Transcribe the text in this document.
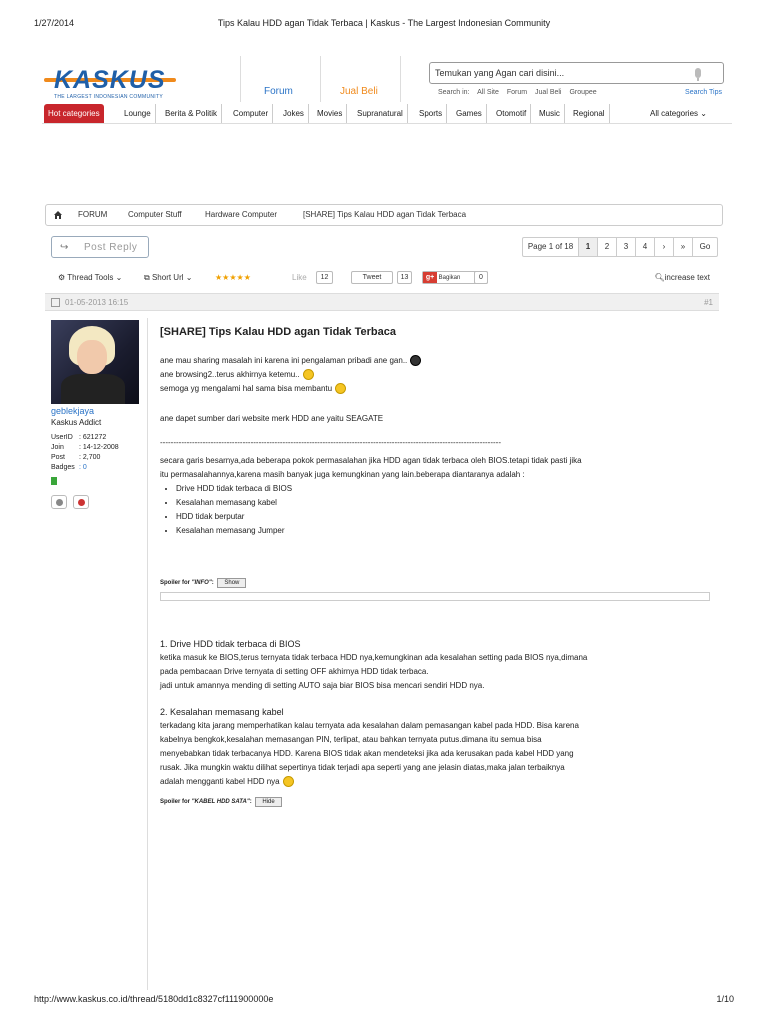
1/27/2014	Tips Kalau HDD agan Tidak Terbaca | Kaskus - The Largest Indonesian Community
KASKUS
THE LARGEST INDONESIAN COMMUNITY	Forum	Jual Beli
Temukan yang Agan cari disini...
Search in: All Site Forum Jual Beli Groupee	Search Tips
Hot categories	Lounge	Berita & Politik	Computer	Jokes	Movies	Supranatural	Sports	Games	Otomotif	Music	Regional	All categories ⌄
FORUM	Computer Stuff	Hardware Computer	[SHARE] Tips Kalau HDD agan Tidak Terbaca
↪ Post Reply	Page 1 of 18	1	2	3	4	›	»	Go
⚙ Thread Tools ⌄	⧉ Short Url ⌄	★★★★★	Like	12	Tweet	13	g+ Bagikan	0	🔍︎increase text
01-05-2013 16:15	#1
geblekjaya
Kaskus Addict
UserID : 621272
Join	: 14-12-2008
Post	: 2,700
Badges : 0
[SHARE] Tips Kalau HDD agan Tidak Terbaca

ane mau sharing masalah ini karena ini pengalaman pribadi ane gan..

ane browsing2..terus akhirnya ketemu..

semoga yg mengalami hal sama bisa membantu

ane dapet sumber dari website merk HDD ane yaitu SEAGATE

--------------------------------------------------------------------------------------------------------------------------------

secara garis besarnya,ada beberapa pokok permasalahan jika HDD agan tidak terbaca oleh BIOS.tetapi tidak pasti jika

itu permasalahannya,karena masih banyak juga kemungkinan yang lain.beberapa diantaranya adalah :

• Drive HDD tidak terbaca di BIOS
• Kesalahan memasang kabel
• HDD tidak berputar
• Kesalahan memasang Jumper
Spoiler for "INFO": Show

1. Drive HDD tidak terbaca di BIOS

ketika masuk ke BIOS,terus ternyata tidak terbaca HDD nya,kemungkinan ada kesalahan setting pada BIOS nya,dimana

pada pembacaan Drive ternyata di setting OFF akhirnya HDD tidak terbaca.

jadi untuk amannya mending di setting AUTO saja biar BIOS bisa mencari sendiri HDD nya.

2. Kesalahan memasang kabel

terkadang kita jarang memperhatikan kalau ternyata ada kesalahan dalam pemasangan kabel pada HDD. Bisa karena

kabelnya bengkok,kesalahan memasangan PIN, terlipat, atau bahkan ternyata putus.dimana itu semua bisa

menyebabkan tidak terbacanya HDD. Karena BIOS tidak akan mendeteksi jika ada kerusakan pada kabel HDD yang

rusak. Jika mungkin waktu dilihat sepertinya tidak terjadi apa seperti yang ane jelasin diatas,maka jalan terbaiknya

adalah mengganti kabel HDD nya

Spoiler for "KABEL HDD SATA": Hide
http://www.kaskus.co.id/thread/5180dd1c8327cf111900000e	1/10
